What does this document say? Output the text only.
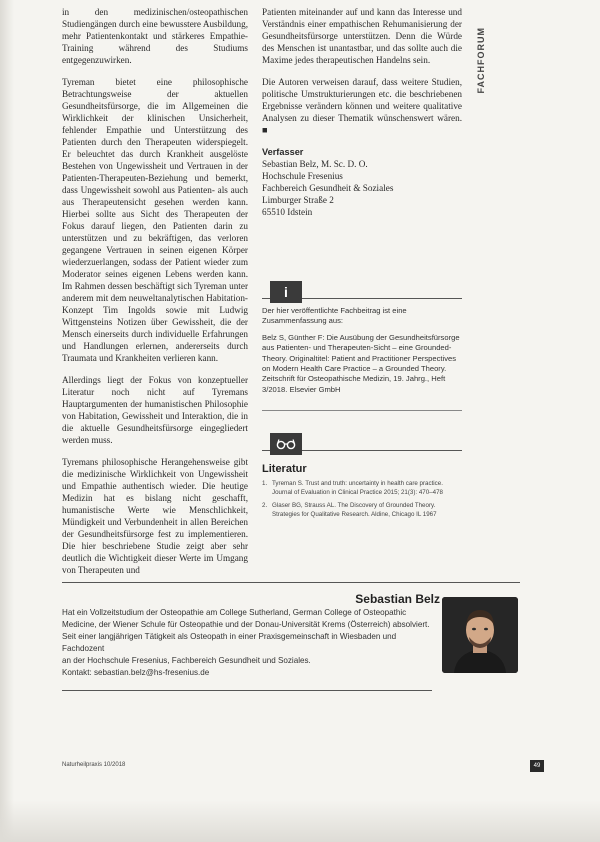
in den medizinischen/osteopathischen Studiengängen durch eine bewusstere Ausbildung, mehr Patientenkontakt und stärkeres Empathie-Training während des Studiums entgegenzuwirken.

Tyreman bietet eine philosophische Betrachtungsweise der aktuellen Gesundheitsfürsorge, die im Allgemeinen die Wirklichkeit der klinischen Unsicherheit, fehlender Empathie und Unterstützung des Patienten durch den Therapeuten widerspiegelt. Er beleuchtet das durch Krankheit ausgelöste Bestehen von Ungewissheit und Vertrauen in der Patienten-Therapeuten-Beziehung und bemerkt, dass Ungewissheit sowohl aus Patienten- als auch aus Therapeutensicht gesehen werden kann. Hierbei sollte aus Sicht des Therapeuten der Fokus darauf liegen, den Patienten darin zu unterstützen und zu bekräftigen, das verloren gegangene Vertrauen in seinen eigenen Körper wiederzuerlangen, sodass der Patient wieder zum Moderator seines eigenen Lebens werden kann. Im Rahmen dessen beschäftigt sich Tyreman unter anderem mit dem neuweltanalytischen Habitation-Konzept Tim Ingolds sowie mit Ludwig Wittgensteins Notizen über Gewissheit, die der Mensch einerseits durch individuelle Erfahrungen und Handlungen erlernen, andererseits durch Traumata und Krankheiten verlieren kann.

Allerdings liegt der Fokus von konzeptueller Literatur noch nicht auf Tyremans Hauptargumenten der humanistischen Philosophie von Habitation, Gewissheit und Interaktion, die in die aktuelle Gesundheitsfürsorge eingegliedert werden muss.

Tyremans philosophische Herangehensweise gibt die medizinische Wirklichkeit von Ungewissheit und Empathie authentisch wieder. Die heutige Medizin hat es bislang nicht geschafft, humanistische Werte wie Menschlichkeit, Mündigkeit und Verbundenheit in allen Bereichen der Gesundheitsfürsorge fest zu implementieren. Die hier beschriebene Studie zeigt aber sehr deutlich die Wichtigkeit dieser Werte im Umgang von Therapeuten und

Patienten miteinander auf und kann das Interesse und Verständnis einer empathischen Rehumanisierung der Gesundheitsfürsorge unterstützen. Denn die Würde des Menschen ist unantastbar, und das sollte auch die Maxime jedes therapeutischen Handelns sein.

Die Autoren verweisen darauf, dass weitere Studien, politische Umstrukturierungen etc. die beschriebenen Ergebnisse verändern können und weitere qualitative Analysen zu dieser Thematik wünschenswert wären. ■

Verfasser
Sebastian Belz, M. Sc. D. O.
Hochschule Fresenius
Fachbereich Gesundheit & Soziales
Limburger Straße 2
65510 Idstein
FACHFORUM
i

Der hier veröffentlichte Fachbeitrag ist eine Zusammenfassung aus:

Belz S, Günther F: Die Ausübung der Gesundheitsfürsorge aus Patienten- und Therapeuten-Sicht – eine Grounded-Theory. Originaltitel: Patient and Practitioner Perspectives on Modern Health Care Practice – a Grounded Theory. Zeitschrift für Osteopathische Medizin, 19. Jahrg., Heft 3/2018. Elsevier GmbH

Literatur
1. Tyreman S. Trust and truth: uncertainty in health care practice. Journal of Evaluation in Clinical Practice 2015; 21(3): 470–478
2. Glaser BG, Strauss AL. The Discovery of Grounded Theory. Strategies for Qualitative Research. Aldine, Chicago IL 1967
Sebastian Belz

Hat ein Vollzeitstudium der Osteopathie am College Sutherland, German College of Osteopathic

Medicine, der Wiener Schule für Osteopathie und der Donau-Universität Krems (Österreich) absolviert.

Seit einer langjährigen Tätigkeit als Osteopath in einer Praxisgemeinschaft in Wiesbaden und Fachdozent

an der Hochschule Fresenius, Fachbereich Gesundheit und Soziales.

Kontakt: sebastian.belz@hs-fresenius.de

Naturheilpraxis 10/2018	49
